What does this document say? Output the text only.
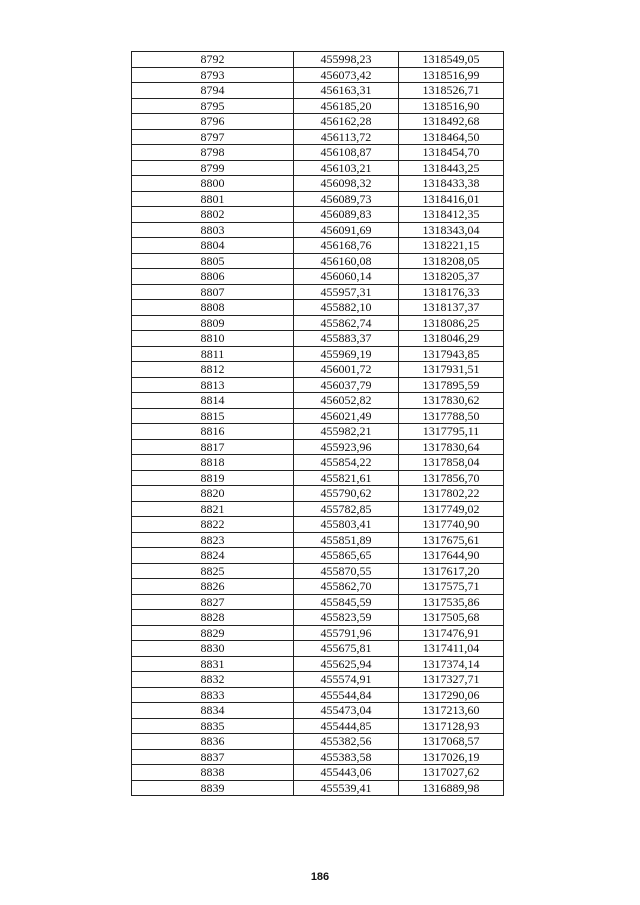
8792	455998,23	1318549,05
8793	456073,42	1318516,99
8794	456163,31	1318526,71
8795	456185,20	1318516,90
8796	456162,28	1318492,68
8797	456113,72	1318464,50
8798	456108,87	1318454,70
8799	456103,21	1318443,25
8800	456098,32	1318433,38
8801	456089,73	1318416,01
8802	456089,83	1318412,35
8803	456091,69	1318343,04
8804	456168,76	1318221,15
8805	456160,08	1318208,05
8806	456060,14	1318205,37
8807	455957,31	1318176,33
8808	455882,10	1318137,37
8809	455862,74	1318086,25
8810	455883,37	1318046,29
8811	455969,19	1317943,85
8812	456001,72	1317931,51
8813	456037,79	1317895,59
8814	456052,82	1317830,62
8815	456021,49	1317788,50
8816	455982,21	1317795,11
8817	455923,96	1317830,64
8818	455854,22	1317858,04
8819	455821,61	1317856,70
8820	455790,62	1317802,22
8821	455782,85	1317749,02
8822	455803,41	1317740,90
8823	455851,89	1317675,61
8824	455865,65	1317644,90
8825	455870,55	1317617,20
8826	455862,70	1317575,71
8827	455845,59	1317535,86
8828	455823,59	1317505,68
8829	455791,96	1317476,91
8830	455675,81	1317411,04
8831	455625,94	1317374,14
8832	455574,91	1317327,71
8833	455544,84	1317290,06
8834	455473,04	1317213,60
8835	455444,85	1317128,93
8836	455382,56	1317068,57
8837	455383,58	1317026,19
8838	455443,06	1317027,62
8839	455539,41	1316889,98
186
